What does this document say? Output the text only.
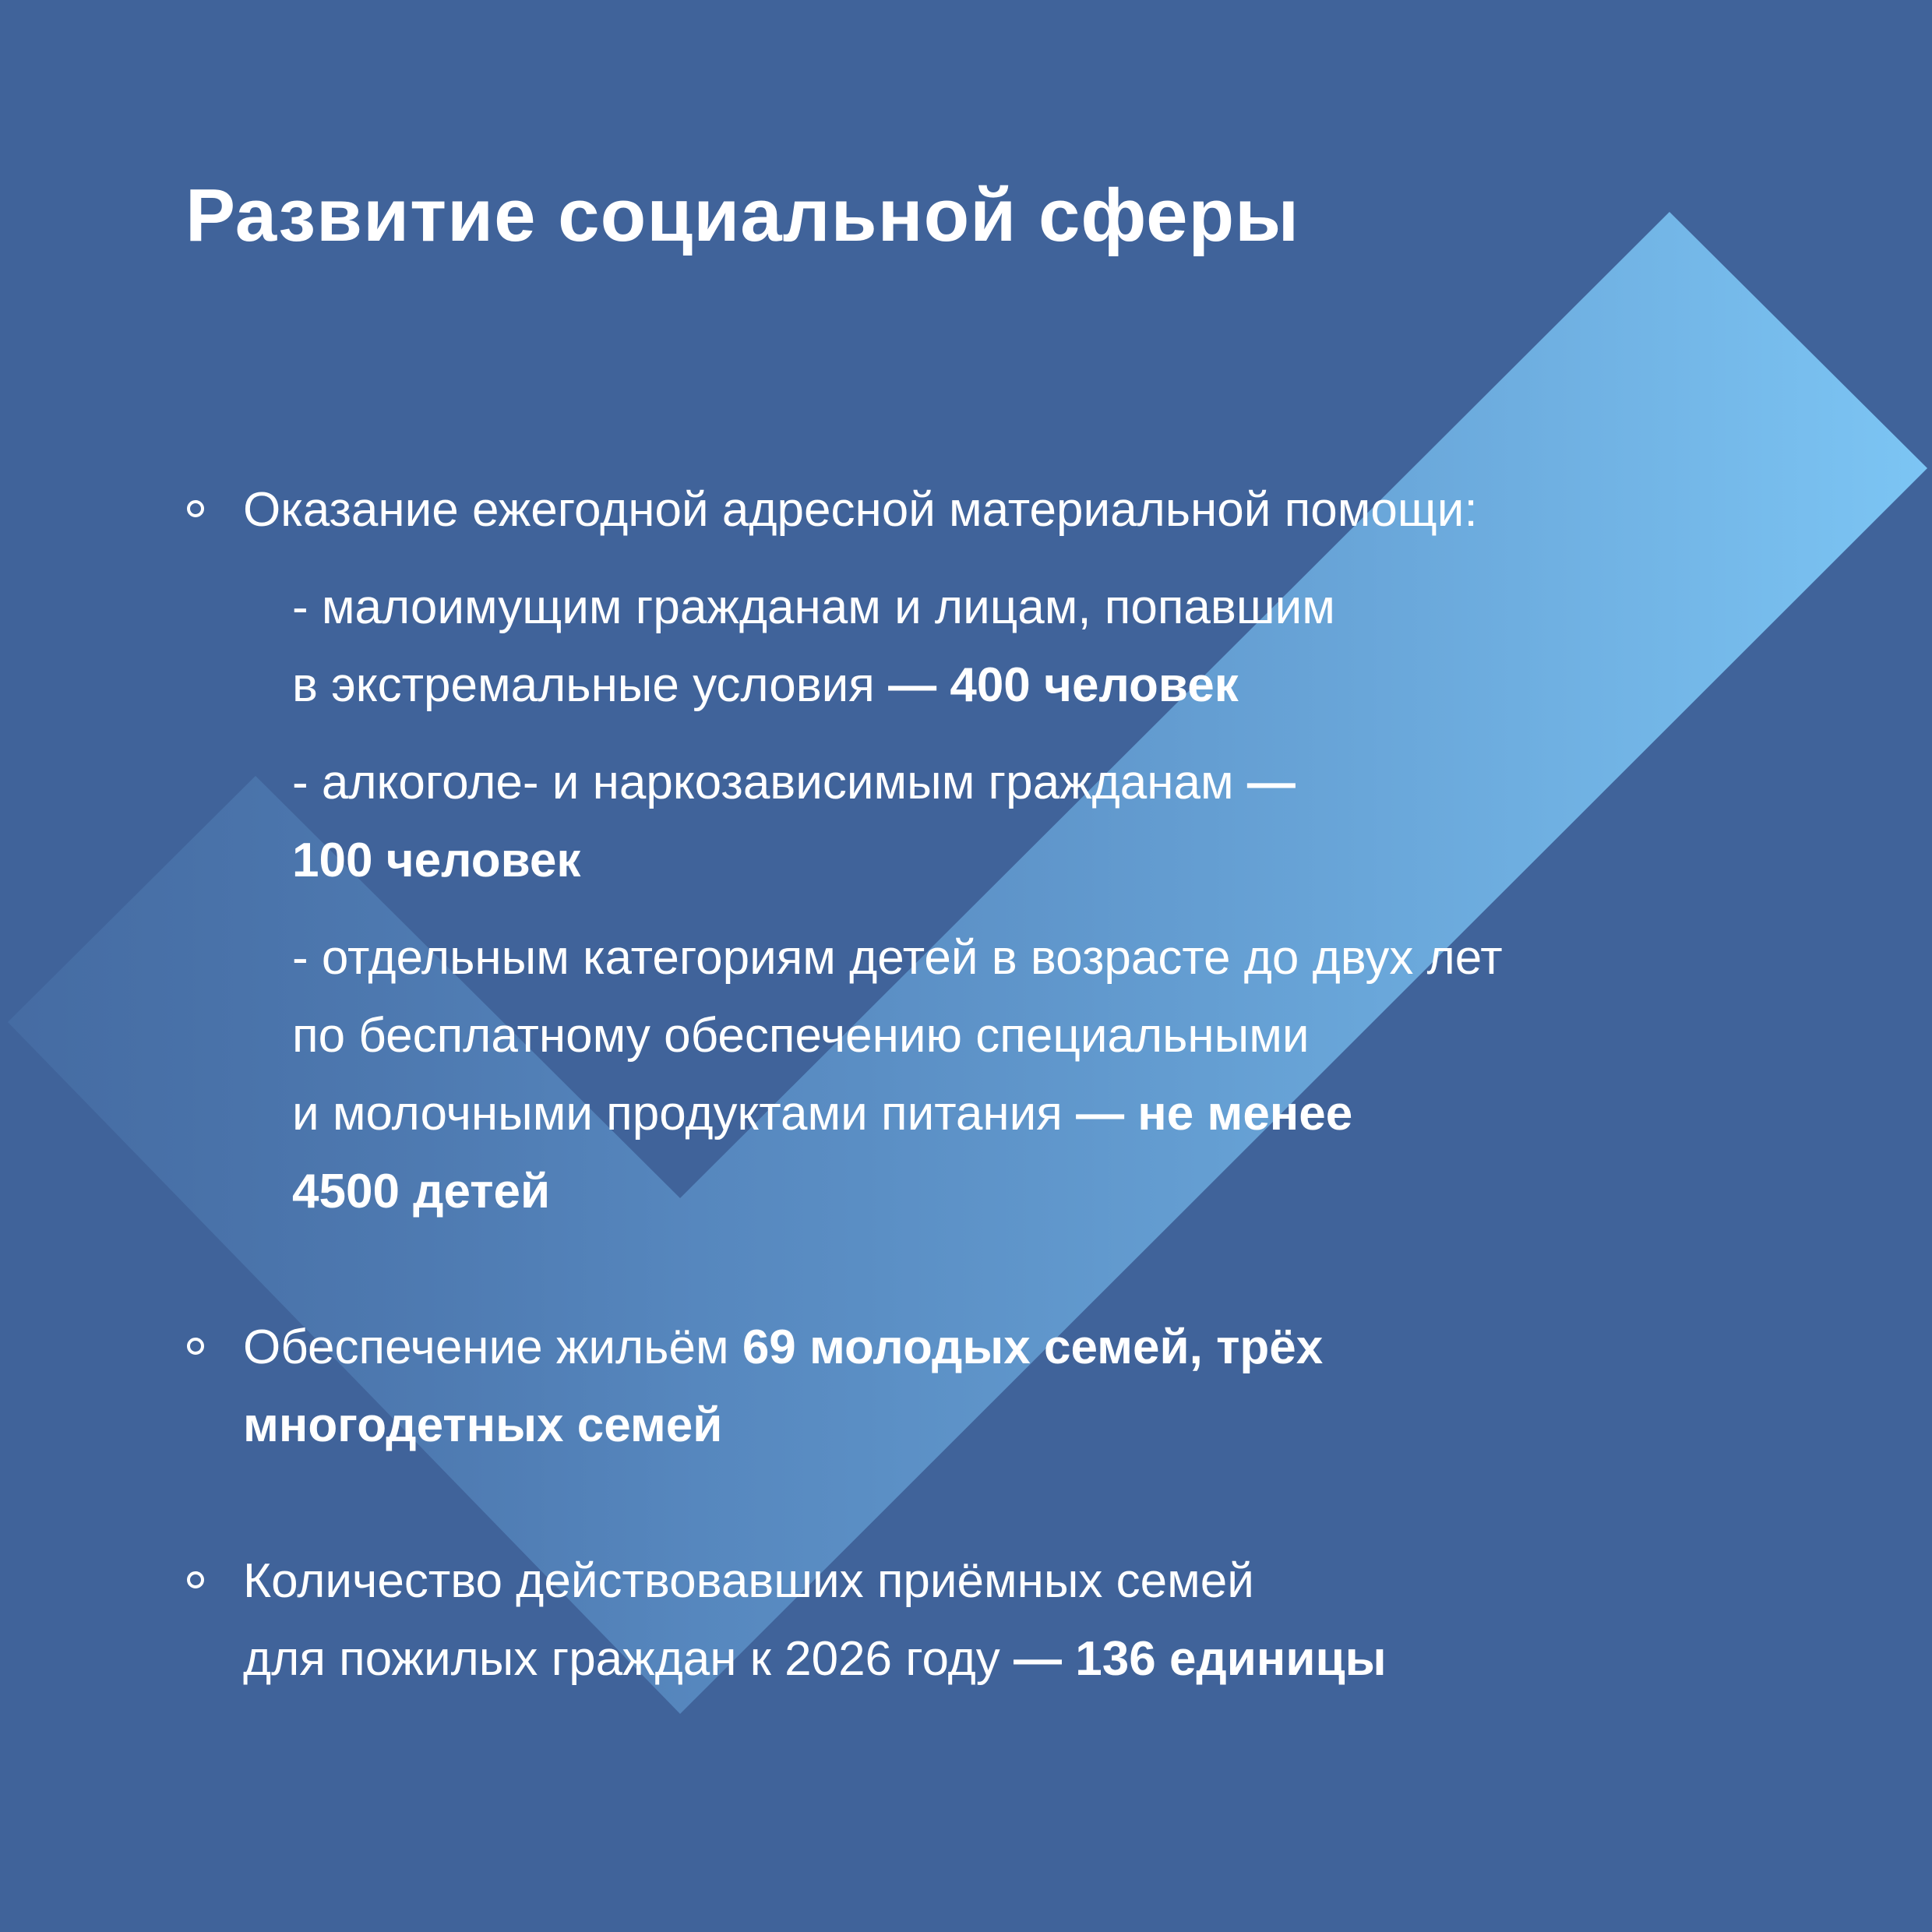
Развитие социальной сферы
Оказание ежегодной адресной материальной помощи:
- малоимущим гражданам и лицам, попавшим
в экстремальные условия — 400 человек
- алкоголе- и наркозависимым гражданам —
100 человек
- отдельным категориям детей в возрасте до двух лет
по бесплатному обеспечению специальными
и молочными продуктами питания — не менее
4500 детей
Обеспечение жильём 69 молодых семей, трёх
многодетных семей
Количество действовавших приёмных семей
для пожилых граждан к 2026 году — 136 единицы
